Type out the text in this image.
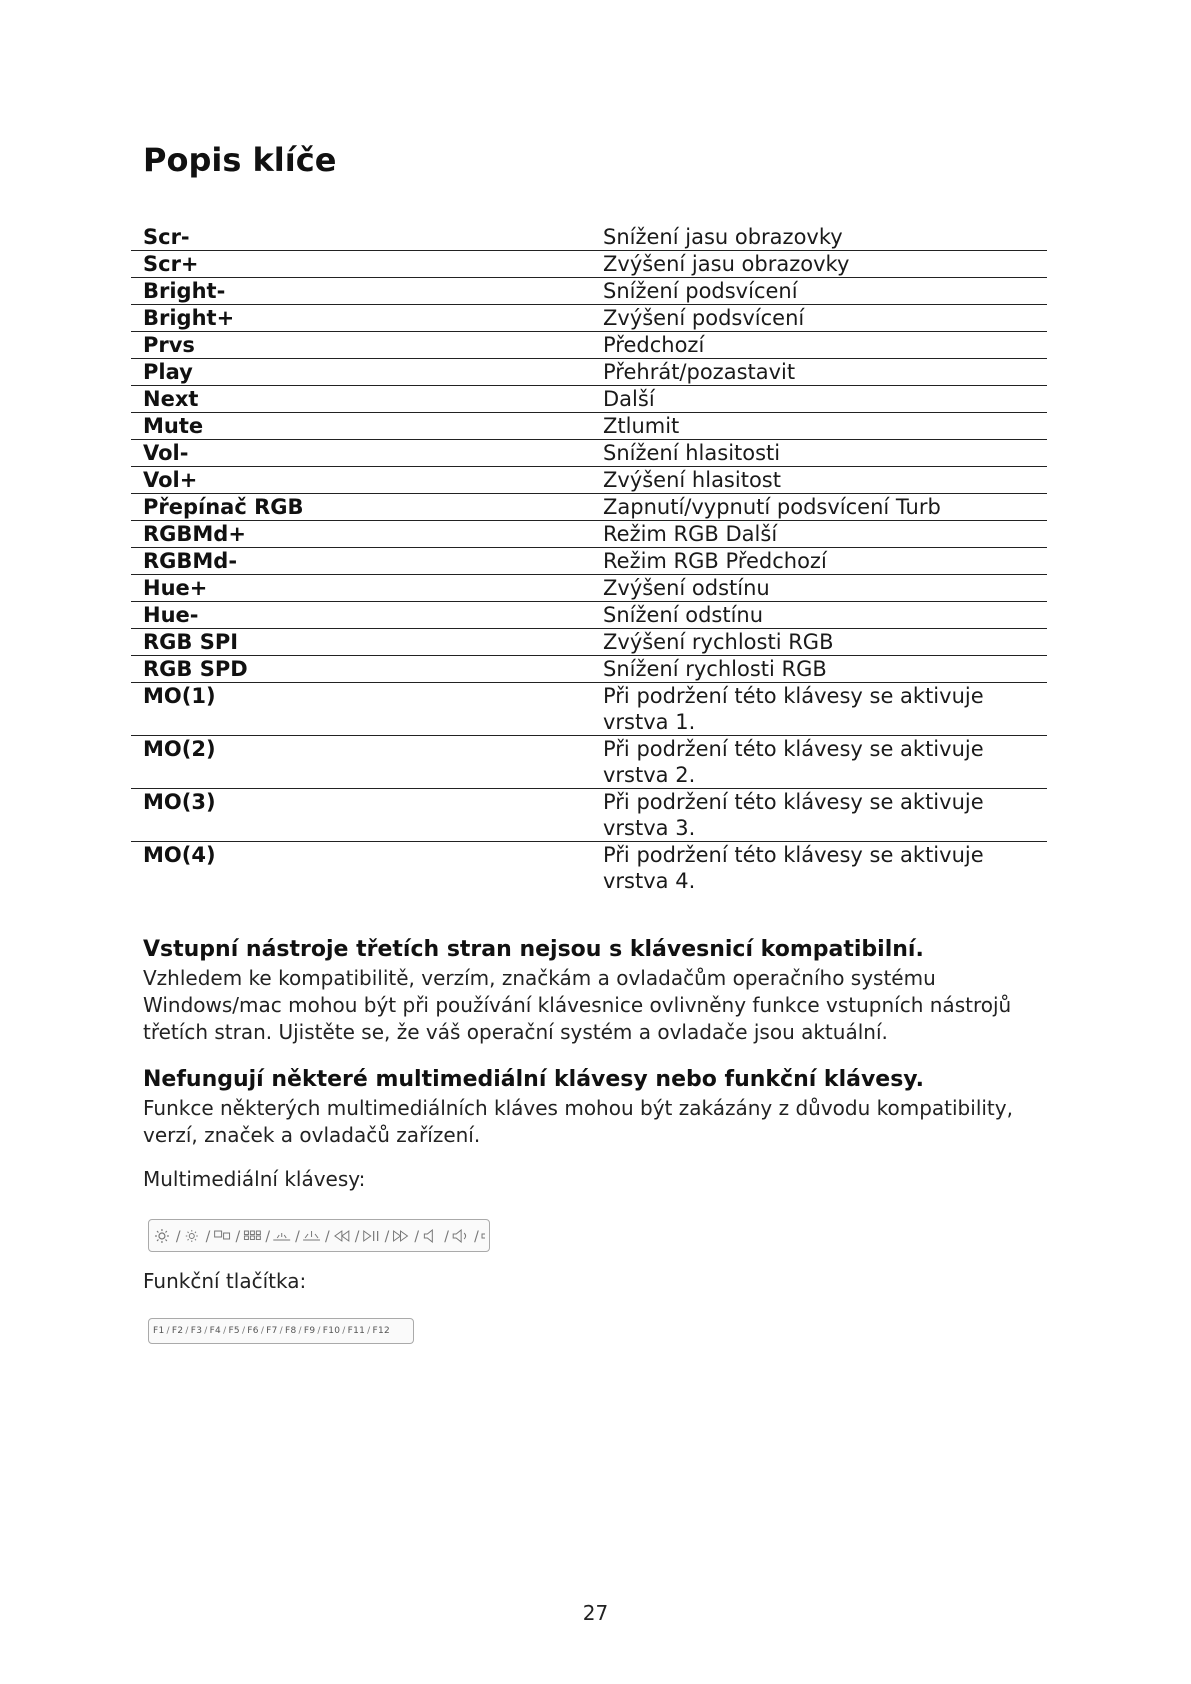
Popis klíče
Scr-	Snížení jasu obrazovky
Scr+	Zvýšení jasu obrazovky
Bright-	Snížení podsvícení
Bright+	Zvýšení podsvícení
Prvs	Předchozí
Play	Přehrát/pozastavit
Next	Další
Mute	Ztlumit
Vol-	Snížení hlasitosti
Vol+	Zvýšení hlasitost
Přepínač RGB	Zapnutí/vypnutí podsvícení Turb
RGBMd+	Režim RGB Další
RGBMd-	Režim RGB Předchozí
Hue+	Zvýšení odstínu
Hue-	Snížení odstínu
RGB SPI	Zvýšení rychlosti RGB
RGB SPD	Snížení rychlosti RGB
MO(1)	Při podržení této klávesy se aktivuje vrstva 1.
MO(2)	Při podržení této klávesy se aktivuje vrstva 2.
MO(3)	Při podržení této klávesy se aktivuje vrstva 3.
MO(4)	Při podržení této klávesy se aktivuje vrstva 4.
Vstupní nástroje třetích stran nejsou s klávesnicí kompatibilní.

Vzhledem ke kompatibilitě, verzím, značkám a ovladačům operačního systému Windows/mac mohou být při používání klávesnice ovlivněny funkce vstupních nástrojů třetích stran. Ujistěte se, že váš operační systém a ovladače jsou aktuální.

Nefungují některé multimediální klávesy nebo funkční klávesy.

Funkce některých multimediálních kláves mohou být zakázány z důvodu kompatibility, verzí, značek a ovladačů zařízení.

Multimediální klávesy:

/ / / / / / / / / / /

Funkční tlačítka:

F1 / F2 / F3 / F4 / F5 / F6 / F7 / F8 / F9 / F10 / F11 / F12
27
